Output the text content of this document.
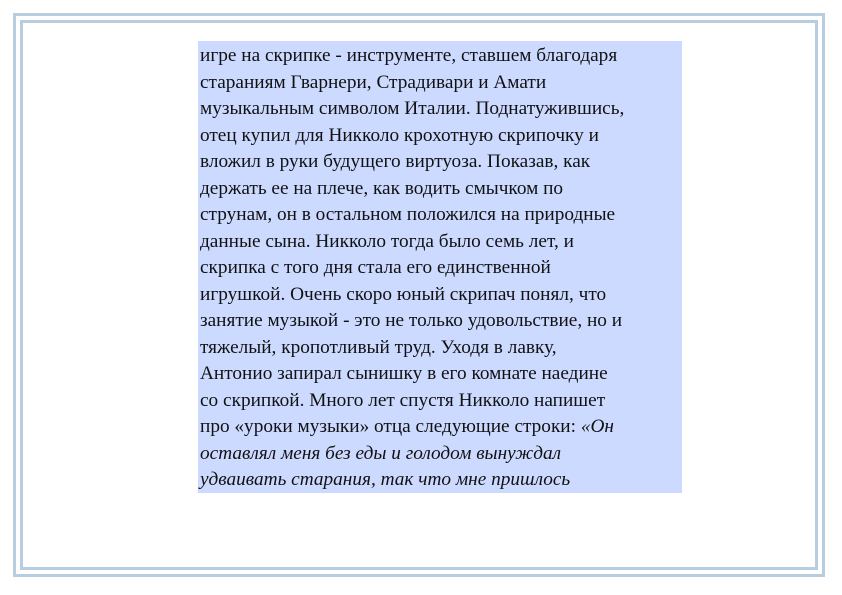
игре на скрипке - инструменте, ставшем благодаря
стараниям Гварнери, Страдивари и Амати
музыкальным символом Италии. Поднатужившись,
отец купил для Никколо крохотную скрипочку и
вложил в руки будущего виртуоза. Показав, как
держать ее на плече, как водить смычком по
струнам, он в остальном положился на природные
данные сына. Никколо тогда было семь лет, и
скрипка с того дня стала его единственной
игрушкой. Очень скоро юный скрипач понял, что
занятие музыкой - это не только удовольствие, но и
тяжелый, кропотливый труд. Уходя в лавку,
Антонио запирал сынишку в его комнате наедине
со скрипкой. Много лет спустя Никколо напишет
про «уроки музыки» отца следующие строки: «Он
оставлял меня без еды и голодом вынуждал
удваивать старания, так что мне пришлось
